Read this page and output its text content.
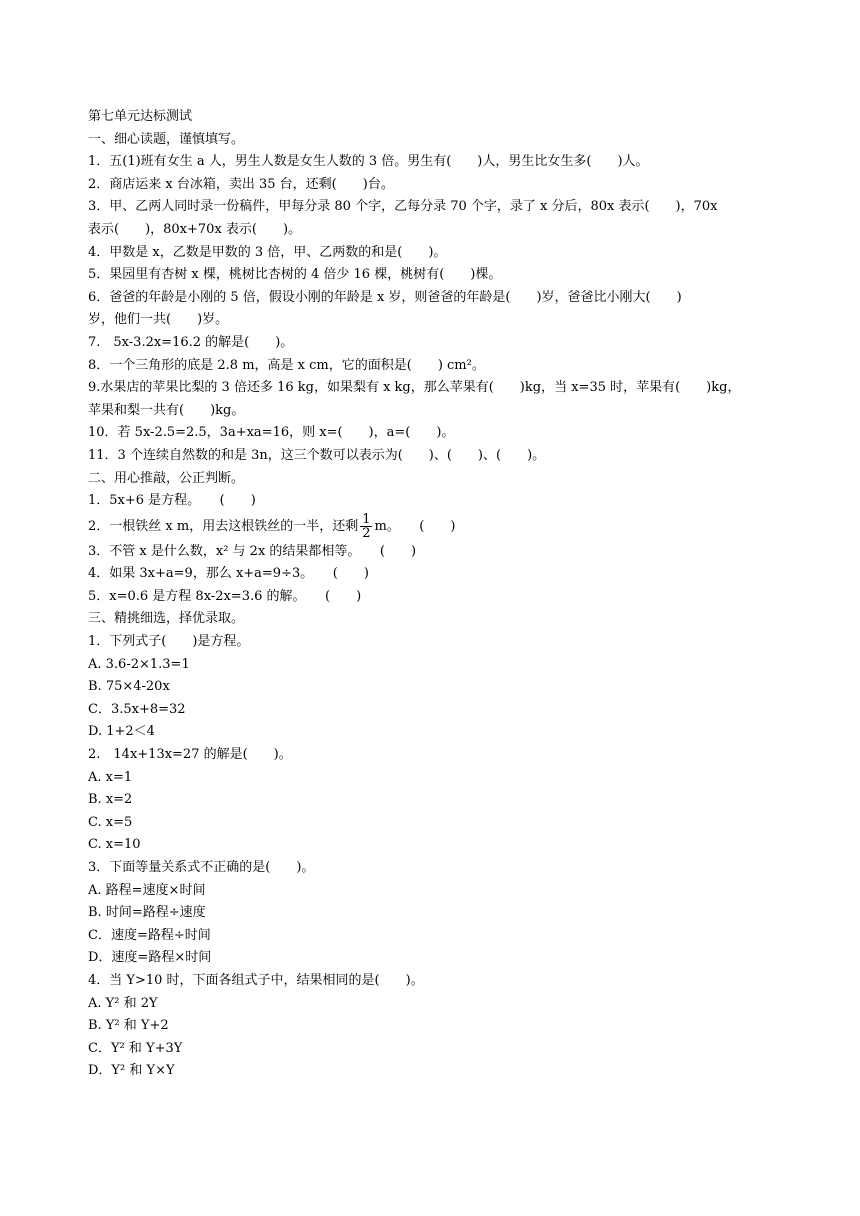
第七单元达标测试
一、细心读题，谨慎填写。
1．五(1)班有女生 a 人，男生人数是女生人数的 3 倍。男生有(　　)人，男生比女生多(　　)人。
2．商店运来 x 台冰箱，卖出 35 台，还剩(　　)台。
3．甲、乙两人同时录一份稿件，甲每分录 80 个字，乙每分录 70 个字，录了 x 分后，80x 表示(　　)，70x
表示(　　)，80x+70x 表示(　　)。
4．甲数是 x，乙数是甲数的 3 倍，甲、乙两数的和是(　　)。
5．果园里有杏树 x 棵，桃树比杏树的 4 倍少 16 棵，桃树有(　　)棵。
6．爸爸的年龄是小刚的 5 倍，假设小刚的年龄是 x 岁，则爸爸的年龄是(　　)岁，爸爸比小刚大(　　)
岁，他们一共(　　)岁。
7.　5x-3.2x=16.2 的解是(　　)。
8．一个三角形的底是 2.8 m，高是 x cm，它的面积是(　　) cm²。
9.水果店的苹果比梨的 3 倍还多 16 kg，如果梨有 x kg，那么苹果有(　　)kg，当 x=35 时，苹果有(　　)kg，
苹果和梨一共有(　　)kg。
10．若 5x-2.5=2.5，3a+xa=16，则 x=(　　)，a=(　　)。
11．3 个连续自然数的和是 3n，这三个数可以表示为(　　)、(　　)、(　　)。
二、用心推敲，公正判断。
1．5x+6 是方程。　　(　　)
2．一根铁丝 x m，用去这根铁丝的一半，还剩 $\frac{1}{2}$ m。　　(　　)
3．不管 x 是什么数，x² 与 2x 的结果都相等。　　(　　)
4．如果 3x+a=9，那么 x+a=9÷3。　　(　　)
5．x=0.6 是方程 8x-2x=3.6 的解。　　(　　)
三、精挑细选，择优录取。
1．下列式子(　　)是方程。
A. 3.6-2×1.3=1
B. 75×4-20x
C．3.5x+8=32
D. 1+2＜4
2.　14x+13x=27 的解是(　　)。
A. x=1
B. x=2
C. x=5
C. x=10
3．下面等量关系式不正确的是(　　)。
A. 路程=速度×时间
B. 时间=路程÷速度
C．速度=路程÷时间
D．速度=路程×时间
4．当 Y>10 时，下面各组式子中，结果相同的是(　　)。
A. Y² 和 2Y
B. Y² 和 Y+2
C．Y² 和 Y+3Y
D．Y² 和 Y×Y
